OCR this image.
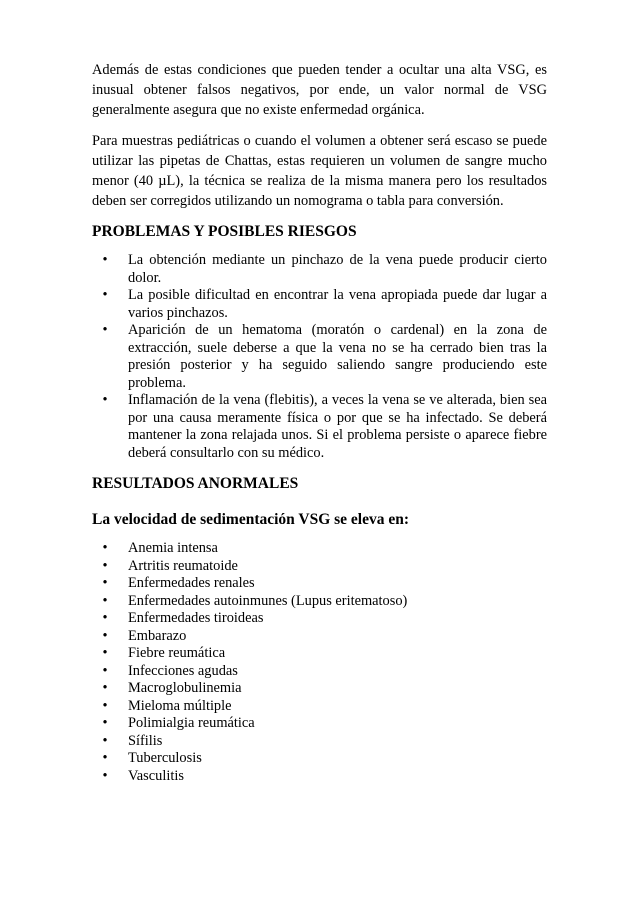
Además de estas condiciones que pueden tender a ocultar una alta VSG, es inusual obtener falsos negativos, por ende, un valor normal de VSG generalmente asegura que no existe enfermedad orgánica.

Para muestras pediátricas o cuando el volumen a obtener será escaso se puede utilizar las pipetas de Chattas, estas requieren un volumen de sangre mucho menor (40 µL), la técnica se realiza de la misma manera pero los resultados deben ser corregidos utilizando un nomograma o tabla para conversión.

PROBLEMAS Y POSIBLES RIESGOS
• La obtención mediante un pinchazo de la vena puede producir cierto dolor.
• La posible dificultad en encontrar la vena apropiada puede dar lugar a varios pinchazos.
• Aparición de un hematoma (moratón o cardenal) en la zona de extracción, suele deberse a que la vena no se ha cerrado bien tras la presión posterior y ha seguido saliendo sangre produciendo este problema.
• Inflamación de la vena (flebitis), a veces la vena se ve alterada, bien sea por una causa meramente física o por que se ha infectado. Se deberá mantener la zona relajada unos. Si el problema persiste o aparece fiebre deberá consultarlo con su médico.
RESULTADOS ANORMALES
La velocidad de sedimentación VSG se eleva en:
• Anemia intensa
• Artritis reumatoide
• Enfermedades renales
• Enfermedades autoinmunes (Lupus eritematoso)
• Enfermedades tiroideas
• Embarazo
• Fiebre reumática
• Infecciones agudas
• Macroglobulinemia
• Mieloma múltiple
• Polimialgia reumática
• Sífilis
• Tuberculosis
• Vasculitis
